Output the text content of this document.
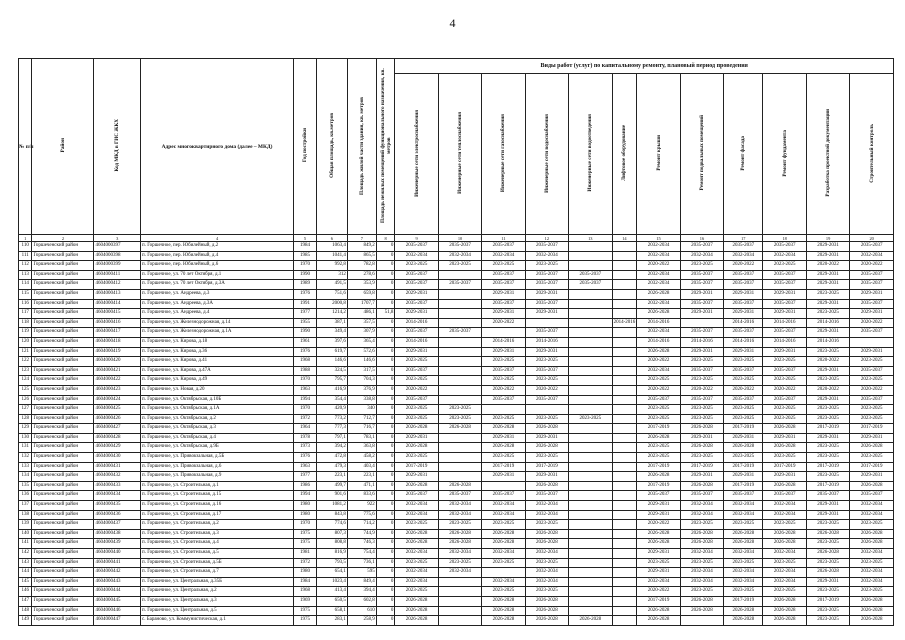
4
№ п/п	Район	Код МКД в ГИС ЖКХ	Адрес многоквартирного дома (далее – МКД)	Год постройки	Общая площадь, кв.метров	Площадь жилой части здания, кв. метров	Площадь нежилых помещений функционального назначения, кв. метров	Виды работ (услуг) по капитальному ремонту, плановый период проведения											
								Инженерные сети электроснабжения	Инженерные сети теплоснабжения	Инженерные сети газоснабжения	Инженерные сети водоснабжения	Инженерные сети водоотведения	Лифтовое оборудование	Ремонт крыши	Ремонт подвальных помещений	Ремонт фасада	Ремонт фундамента	Разработка проектной документации	Строительный контроль
1	2	3	4	5	6	7	8	9	10	11	12	13	14	15	16	17	18	19	20
110	Горшеченский район	4604000397	п. Горшечное, пер. Юбилейный, д.2	1984	1063,4	849,2	0	2035-2037	2035-2037	2035-2037	2035-2037			2032-2034	2035-2037	2035-2037	2035-2037	2029-2031	2035-2037
111	Горшеченский район	4604000398	п. Горшечное, пер. Юбилейный, д.4	1985	1041,4	865,5	0	2032-2034	2032-2034	2032-2034	2032-2034			2032-2034	2032-2034	2032-2034	2032-2034	2029-2031	2032-2034
112	Горшеченский район	4604000399	п. Горшечное, пер. Юбилейный, д.6	1970	992,8	782,8	0	2023-2025	2023-2025	2023-2025	2023-2025			2020-2022	2023-2025	2020-2022	2023-2025	2020-2022	2020-2022
113	Горшеченский район	4604000411	п. Горшечное, ул. 70 лет Октября, д.1	1990	312	278,6	0	2035-2037		2035-2037	2035-2037	2035-2037		2032-2034	2035-2037	2035-2037	2035-2037	2029-2031	2035-2037
114	Горшеченский район	4604000412	п. Горшечное, ул. 70 лет Октября, д.3А	1989	491,5	353,9	0	2035-2037	2035-2037	2035-2037	2035-2037	2035-2037		2032-2034	2035-2037	2035-2037	2035-2037	2029-2031	2035-2037
115	Горшеченский район	4604000413	п. Горшечное, ул. Андреева, д.3	1976	751,6	659,8	0	2029-2031		2029-2031	2029-2031			2026-2028	2029-2031	2029-2031	2029-2031	2023-2025	2029-2031
116	Горшеченский район	4604000414	п. Горшечное, ул. Андреева, д.3А	1991	2000,8	1707,7	0	2035-2037		2035-2037	2035-2037			2032-2034	2035-2037	2035-2037	2035-2037	2029-2031	2035-2037
117	Горшеченский район	4604000415	п. Горшечное, ул. Андреева, д.4	1977	1214,2	486,1	51,8	2029-2031		2029-2031	2029-2031			2026-2028	2029-2031	2029-2031	2029-2031	2023-2025	2029-2031
118	Горшеченский район	4604000416	п. Горшечное, ул. Железнодорожная, д.14	1955	387,1	357,5	0	2014-2016		2020-2022			2014-2016	2014-2016		2014-2016	2014-2016	2014-2016	2020-2022
119	Горшеченский район	4604000417	п. Горшечное, ул. Железнодорожная, д.1А	1990	349,4	307,9	0	2035-2037	2035-2037		2035-2037			2032-2034	2035-2037	2035-2037	2035-2037	2029-2031	2035-2037
120	Горшеченский район	4604000418	п. Горшечное, ул. Кирова, д.18	1961	397,6	365,4	0	2014-2016		2014-2016	2014-2016			2014-2016	2014-2016	2014-2016	2014-2016	2014-2016	
121	Горшеченский район	4604000419	п. Горшечное, ул. Кирова, д.36	1976	619,7	572,6	0	2029-2031		2029-2031	2029-2031			2026-2028	2029-2031	2029-2031	2029-2031	2023-2025	2029-2031
122	Горшеченский район	4604000420	п. Горшечное, ул. Кирова, д.41	1968	146,6	146,6	0	2023-2025		2023-2025	2023-2025			2020-2022	2023-2025	2023-2025	2023-2025	2020-2022	2023-2025
123	Горшеченский район	4604000421	п. Горшечное, ул. Кирова, д.47А	1988	324,5	317,5	0	2035-2037		2035-2037	2035-2037			2032-2034	2035-2037	2035-2037	2035-2037	2029-2031	2035-2037
124	Горшеченский район	4604000422	п. Горшечное, ул. Кирова, д.49	1970	795,7	704,3	0	2023-2025		2023-2025	2023-2025			2023-2025	2023-2025	2023-2025	2023-2025	2023-2025	2023-2025
125	Горшеченский район	4604000423	п. Горшечное, ул. Новая, д.20	1963	416,9	376,9	0	2020-2022		2020-2022	2020-2022			2020-2022	2020-2022	2020-2022	2020-2022	2020-2022	2020-2022
126	Горшеченский район	4604000424	п. Горшечное, ул. Октябрьская, д.10Б	1994	354,4	338,8	0	2035-2037		2035-2037	2035-2037			2035-2037	2035-2037	2035-2037	2035-2037	2029-2031	2035-2037
127	Горшеченский район	4604000425	п. Горшечное, ул. Октябрьская, д.1А	1970	420,9	340	0	2023-2025	2023-2025					2023-2025	2023-2025	2023-2025	2023-2025	2023-2025	2023-2025
128	Горшеченский район	4604000426	п. Горшечное, ул. Октябрьская, д.2	1972	773,2	712,7	0	2023-2025	2023-2025	2023-2025	2023-2025	2023-2025		2023-2025	2023-2025	2023-2025	2023-2025	2023-2025	2023-2025
129	Горшеченский район	4604000427	п. Горшечное, ул. Октябрьская, д.3	1964	777,3	716,7	0	2026-2028	2026-2028	2026-2028	2026-2028			2017-2019	2026-2028	2017-2019	2026-2028	2017-2019	2017-2019
130	Горшеченский район	4604000428	п. Горшечное, ул. Октябрьская, д.4	1978	797,1	783,1	0	2029-2031		2029-2031	2029-2031			2026-2028	2029-2031	2029-2031	2029-2031	2029-2031	2029-2031
131	Горшеченский район	4604000429	п. Горшечное, ул. Октябрьская, д.9Б	1973	394,2	363,8	0	2026-2028		2026-2028	2026-2028			2023-2025	2026-2028	2026-2028	2026-2028	2023-2025	2026-2028
132	Горшеченский район	4604000430	п. Горшечное, ул. Привокзальная, д.5Б	1976	472,8	458,2	0	2023-2025		2023-2025	2023-2025			2023-2025	2023-2025	2023-2025	2023-2025	2023-2025	2023-2025
133	Горшеченский район	4604000431	п. Горшечное, ул. Привокзальная, д.6	1963	479,3	403,4	0	2017-2019		2017-2019	2017-2019			2017-2019	2017-2019	2017-2019	2017-2019	2017-2019	2017-2019
134	Горшеченский район	4604000432	п. Горшечное, ул. Привокзальная, д.9	1977	223,1	223,1	0	2029-2031		2029-2031	2029-2031			2026-2028	2029-2031	2029-2031	2029-2031	2023-2025	2029-2031
135	Горшеченский район	4604000433	п. Горшечное, ул. Строительная, д.1	1986	499,7	471,1	0	2026-2028	2026-2028		2026-2028			2017-2019	2026-2028	2017-2019	2026-2028	2017-2019	2026-2028
136	Горшеченский район	4604000434	п. Горшечное, ул. Строительная, д.15	1994	901,6	833,6	0	2035-2037	2035-2037	2035-2037	2035-2037			2035-2037	2035-2037	2035-2037	2035-2037	2035-2037	2035-2037
137	Горшеченский район	4604000435	п. Горшечное, ул. Строительная, д.16	1980	1081,2	922	0	2032-2034	2032-2034	2032-2034	2032-2034			2029-2031	2032-2034	2032-2034	2032-2034	2029-2031	2032-2034
138	Горшеченский район	4604000436	п. Горшечное, ул. Строительная, д.17	1980	843,8	775,6	0	2032-2034	2032-2034	2032-2034	2032-2034			2029-2031	2032-2034	2032-2034	2032-2034	2029-2031	2032-2034
139	Горшеченский район	4604000437	п. Горшечное, ул. Строительная, д.2	1970	774,6	714,2	0	2023-2025	2023-2025	2023-2025	2023-2025			2020-2022	2023-2025	2023-2025	2023-2025	2023-2025	2023-2025
140	Горшеченский район	4604000438	п. Горшечное, ул. Строительная, д.3	1975	807,3	744,9	0	2026-2028	2026-2028	2026-2028	2026-2028			2026-2028	2026-2028	2026-2028	2026-2028	2026-2028	2026-2028
141	Горшеченский район	4604000439	п. Горшечное, ул. Строительная, д.4	1975	808,8	746,3	0	2026-2028	2026-2028	2026-2028	2026-2028			2026-2028	2026-2028	2026-2028	2026-2028	2023-2025	2026-2028
142	Горшеченский район	4604000440	п. Горшечное, ул. Строительная, д.5	1981	816,9	754,4	0	2032-2034	2032-2034	2032-2034	2032-2034			2029-2031	2032-2034	2032-2034	2032-2034	2026-2028	2032-2034
143	Горшеченский район	4604000441	п. Горшечное, ул. Строительная, д.5Б	1972	793,5	736,1	0	2023-2025	2023-2025	2023-2025	2023-2025			2023-2025	2023-2025	2023-2025	2023-2025	2023-2025	2023-2025
144	Горшеченский район	4604000442	п. Горшечное, ул. Строительная, д.7	1980	654,1	595	0	2032-2034	2032-2034		2032-2034			2029-2031	2032-2034	2032-2034	2032-2034	2026-2028	2032-2034
145	Горшеченский район	4604000443	п. Горшечное, ул. Центральная, д.35Б	1984	1023,4	849,4	0	2032-2034		2032-2034	2032-2034			2032-2034	2032-2034	2032-2034	2032-2034	2029-2031	2032-2034
146	Горшеченский район	4604000444	п. Горшечное, ул. Центральная, д.2	1968	413,4	394,4	0	2023-2025		2023-2025	2023-2025			2020-2022	2023-2025	2023-2025	2023-2025	2023-2025	2023-2025
147	Горшеченский район	4604000445	п. Горшечное, ул. Центральная, д.3	1969	650,5	602,8	0	2026-2028		2026-2028	2026-2028			2017-2019	2026-2028	2017-2019	2026-2028	2017-2019	2026-2028
148	Горшеченский район	4604000446	п. Горшечное, ул. Центральная, д.5	1975	658,1	610	0	2026-2028		2026-2028	2026-2028			2026-2028	2026-2028	2026-2028	2026-2028	2023-2025	2026-2028
149	Горшеченский район	4604000447	с. Бараново, ул. Коммунистическая, д.1	1975	283,1	258,9	0	2026-2028		2026-2028	2026-2028	2026-2028		2026-2028		2026-2028	2026-2028	2023-2025	2026-2028
